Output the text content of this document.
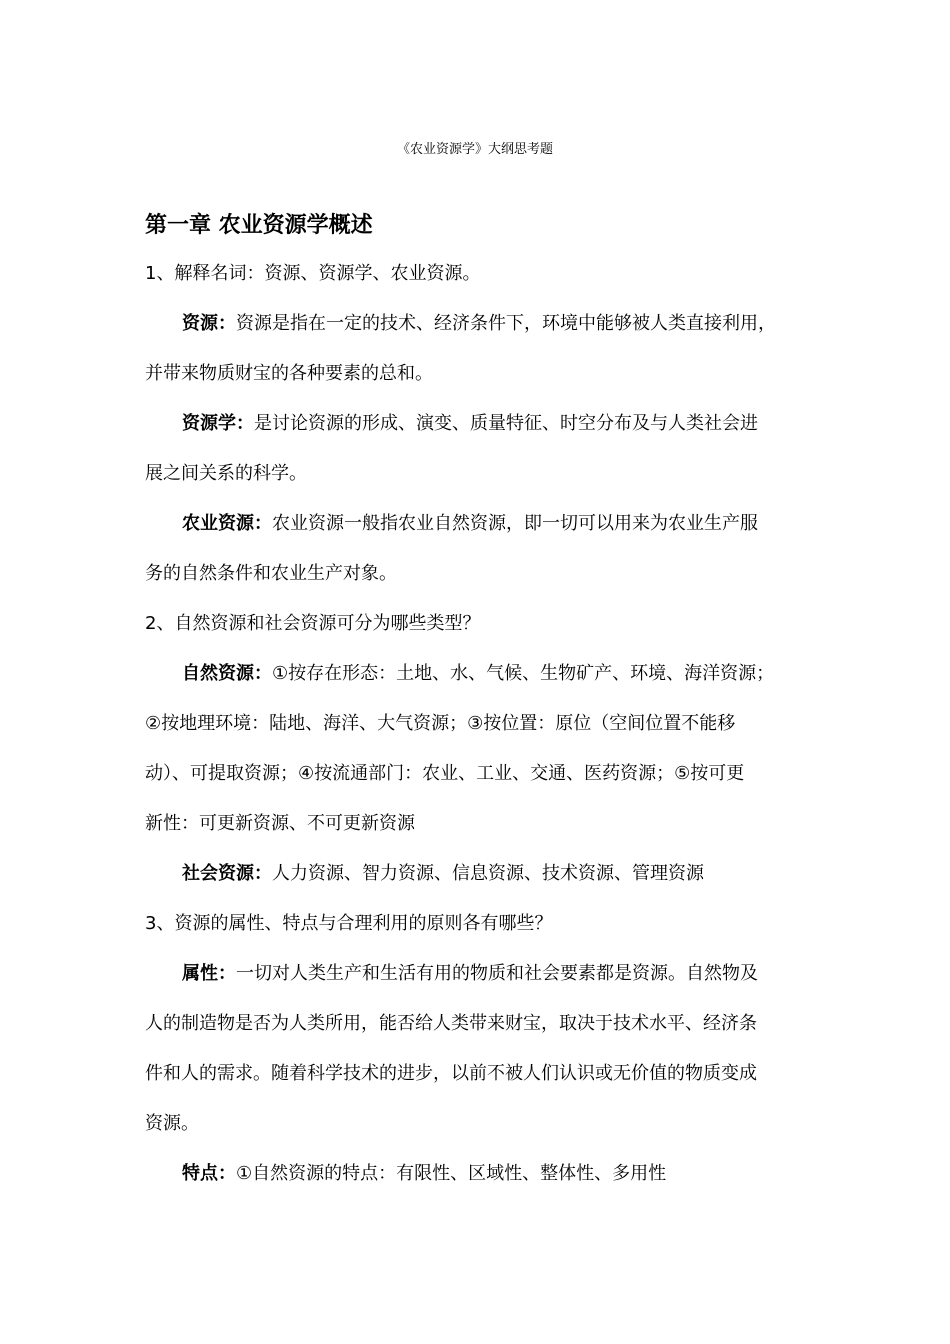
《农业资源学》大纲思考题
第一章 农业资源学概述
1、解释名词：资源、资源学、农业资源。
资源：资源是指在一定的技术、经济条件下，环境中能够被人类直接利用，
并带来物质财宝的各种要素的总和。
资源学：是讨论资源的形成、演变、质量特征、时空分布及与人类社会进
展之间关系的科学。
农业资源：农业资源一般指农业自然资源，即一切可以用来为农业生产服
务的自然条件和农业生产对象。
2、自然资源和社会资源可分为哪些类型？
自然资源：①按存在形态：土地、水、气候、生物矿产、环境、海洋资源；
②按地理环境：陆地、海洋、大气资源；③按位置：原位（空间位置不能移
动）、可提取资源；④按流通部门：农业、工业、交通、医药资源；⑤按可更
新性：可更新资源、不可更新资源
社会资源：人力资源、智力资源、信息资源、技术资源、管理资源
3、资源的属性、特点与合理利用的原则各有哪些？
属性：一切对人类生产和生活有用的物质和社会要素都是资源。自然物及
人的制造物是否为人类所用，能否给人类带来财宝，取决于技术水平、经济条
件和人的需求。随着科学技术的进步，以前不被人们认识或无价值的物质变成
资源。
特点：①自然资源的特点：有限性、区域性、整体性、多用性
